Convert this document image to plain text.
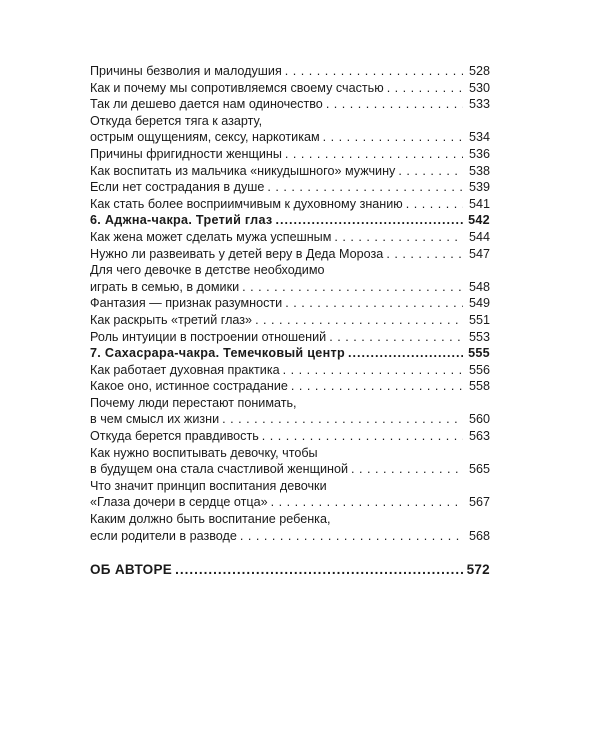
Причины безволия и малодушия . . .	528
Как и почему мы сопротивляемся своему счастью . . .	530
Так ли дешево дается нам одиночество . . .	533
Откуда берется тяга к азарту,
острым ощущениям, сексу, наркотикам . . .	534
Причины фригидности женщины . . .	536
Как воспитать из мальчика «никудышного» мужчину . . .	538
Если нет сострадания в душе . . .	539
Как стать более восприимчивым к духовному знанию . . .	541
6. Аджна-чакра. Третий глаз .....	542
Как жена может сделать мужа успешным . . .	544
Нужно ли развеивать у детей веру в Деда Мороза . . .	547
Для чего девочке в детстве необходимо
играть в семью, в домики . . .	548
Фантазия — признак разумности . . .	549
Как раскрыть «третий глаз» . . .	551
Роль интуиции в построении отношений . . .	553
7. Сахасрара-чакра. Темечковый центр .....	555
Как работает духовная практика . . .	556
Какое оно, истинное сострадание . . .	558
Почему люди перестают понимать,
в чем смысл их жизни . . .	560
Откуда берется правдивость . . .	563
Как нужно воспитывать девочку, чтобы
в будущем она стала счастливой женщиной . . .	565
Что значит принцип воспитания девочки
«Глаза дочери в сердце отца» . . .	567
Каким должно быть воспитание ребенка,
если родители в разводе . . .	568
ОБ АВТОРЕ .....	572
